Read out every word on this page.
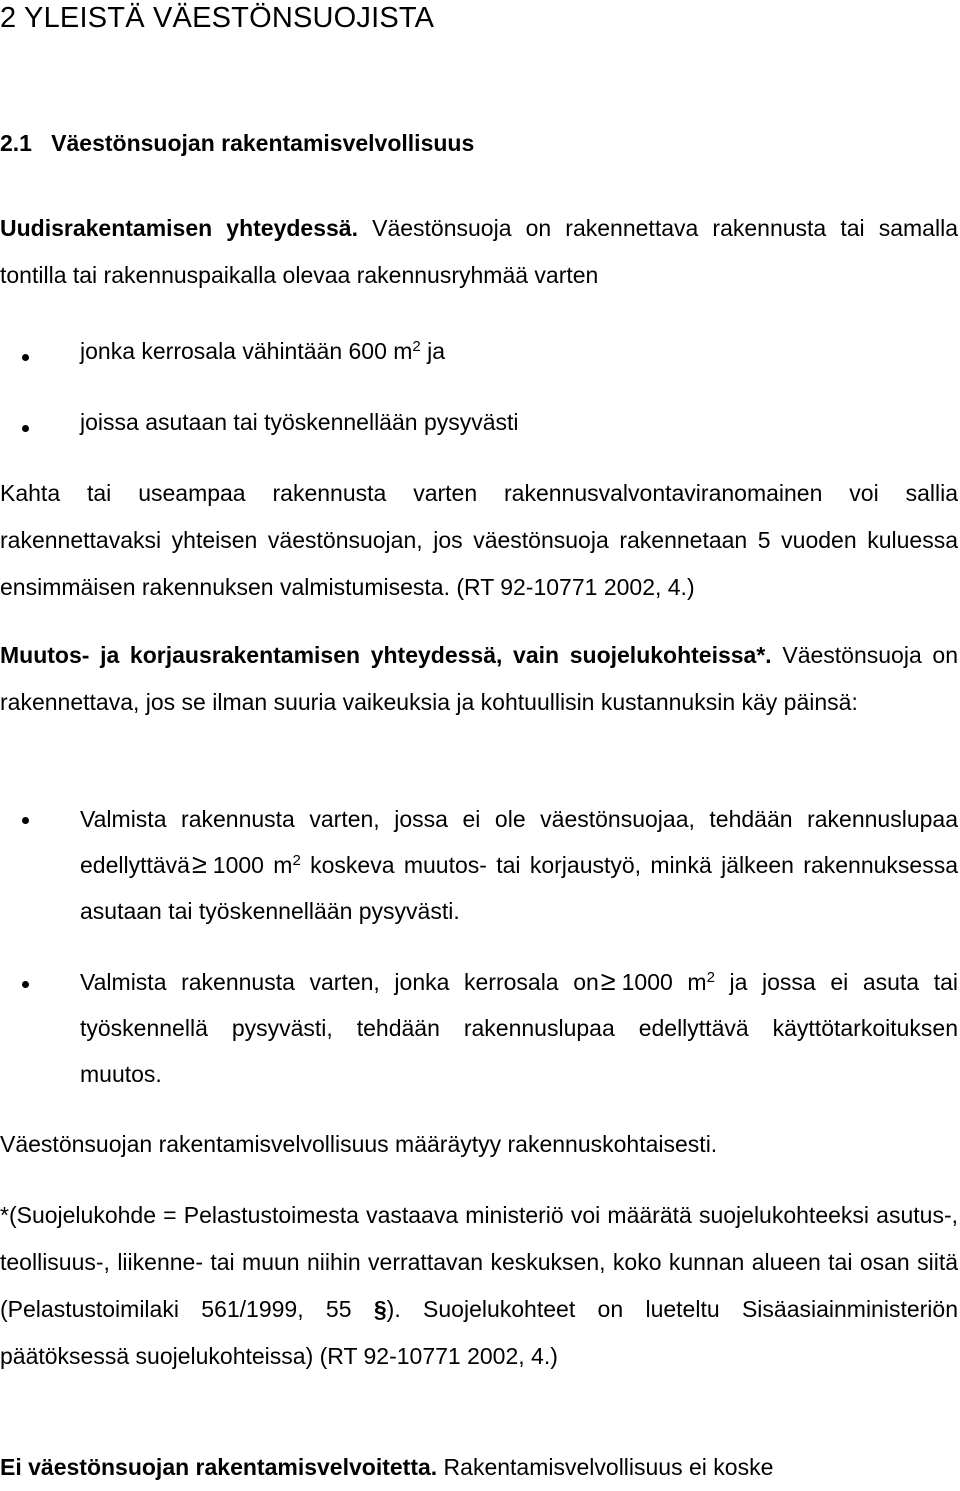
2 YLEISTÄ VÄESTÖNSUOJISTA
2.1   Väestönsuojan rakentamisvelvollisuus
Uudisrakentamisen yhteydessä. Väestönsuoja on rakennettava rakennusta tai samalla tontilla tai rakennuspaikalla olevaa rakennusryhmää varten
jonka kerrosala vähintään 600 $m^2$ ja
joissa asutaan tai työskennellään pysyvästi
Kahta tai useampaa rakennusta varten rakennusvalvontaviranomainen voi sallia rakennettavaksi yhteisen väestönsuojan, jos väestönsuoja rakennetaan 5 vuoden kuluessa ensimmäisen rakennuksen valmistumisesta. (RT 92-10771 2002, 4.)
Muutos- ja korjausrakentamisen yhteydessä, vain suojelukohteissa*. Väestönsuoja on rakennettava, jos se ilman suuria vaikeuksia ja kohtuullisin kustannuksin käy päinsä:
Valmista rakennusta varten, jossa ei ole väestönsuojaa, tehdään rakennuslupaa edellyttävä≥ 1000 $m^2$ koskeva muutos- tai korjaustyö, minkä jälkeen rakennuksessa asutaan tai työskennellään pysyvästi.
Valmista rakennusta varten, jonka kerrosala on≥ 1000 $m^2$ ja jossa ei asuta tai työskennellä pysyvästi, tehdään rakennuslupaa edellyttävä käyttötarkoituksen muutos.
Väestönsuojan rakentamisvelvollisuus määräytyy rakennuskohtaisesti.
*(Suojelukohde = Pelastustoimesta vastaava ministeriö voi määrätä suojelukohteeksi asutus-, teollisuus-, liikenne- tai muun niihin verrattavan keskuksen, koko kunnan alueen tai osan siitä (Pelastustoimilaki 561/1999, 55 §). Suojelukohteet on lueteltu Sisäasiainministeriön päätöksessä suojelukohteissa) (RT 92-10771 2002, 4.)
Ei väestönsuojan rakentamisvelvoitetta. Rakentamisvelvollisuus ei koske
